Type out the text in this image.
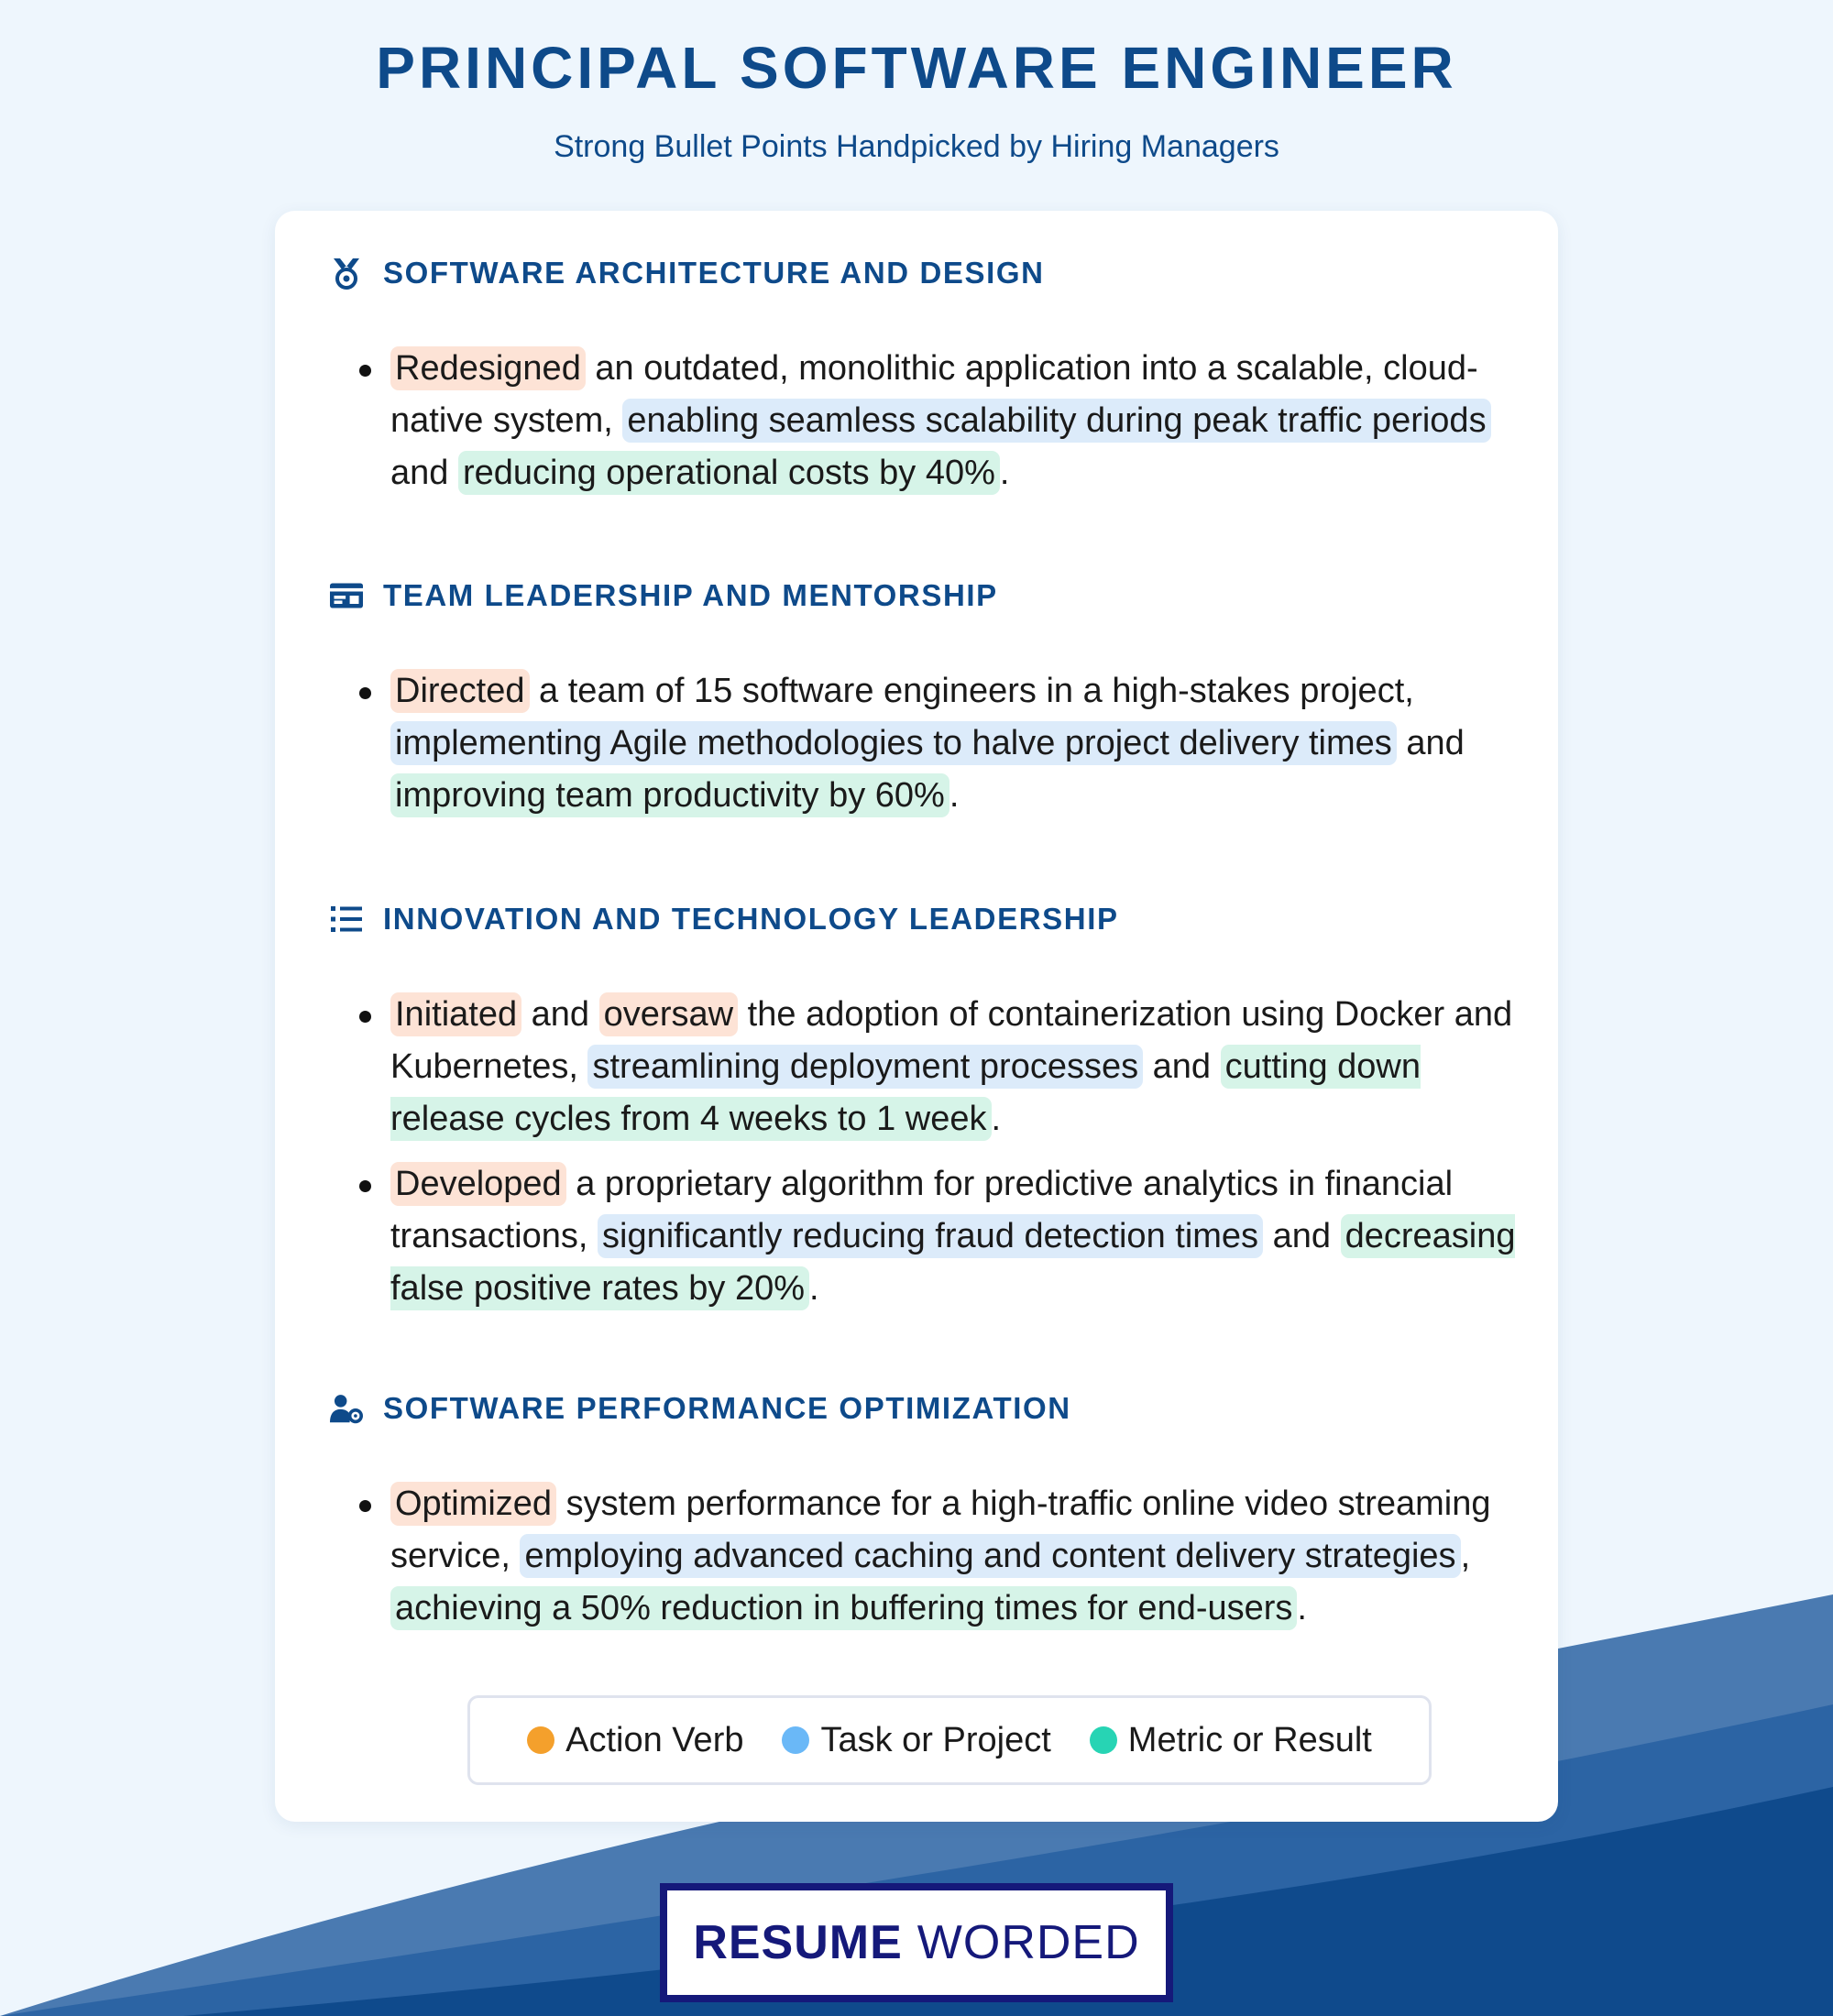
PRINCIPAL SOFTWARE ENGINEER
Strong Bullet Points Handpicked by Hiring Managers
SOFTWARE ARCHITECTURE AND DESIGN
Redesigned an outdated, monolithic application into a scalable, cloud-native system, enabling seamless scalability during peak traffic periods and reducing operational costs by 40% .
TEAM LEADERSHIP AND MENTORSHIP
Directed a team of 15 software engineers in a high-stakes project, implementing Agile methodologies to halve project delivery times and improving team productivity by 60% .
INNOVATION AND TECHNOLOGY LEADERSHIP
Initiated and oversaw the adoption of containerization using Docker and Kubernetes, streamlining deployment processes and cutting down release cycles from 4 weeks to 1 week .
Developed a proprietary algorithm for predictive analytics in financial transactions, significantly reducing fraud detection times and decreasing false positive rates by 20% .
SOFTWARE PERFORMANCE OPTIMIZATION
Optimized system performance for a high-traffic online video streaming service, employing advanced caching and content delivery strategies , achieving a 50% reduction in buffering times for end-users .
Action Verb Task or Project Metric or Result
RESUME WORDED
